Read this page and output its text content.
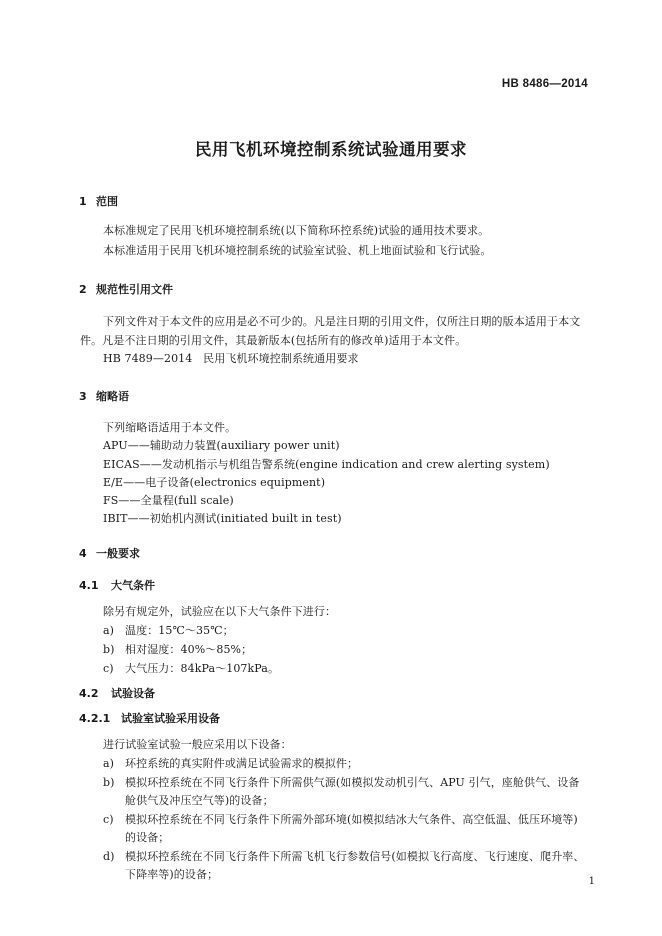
HB 8486—2014
民用飞机环境控制系统试验通用要求
1 范围
本标准规定了民用飞机环境控制系统(以下简称环控系统)试验的通用技术要求。
本标准适用于民用飞机环境控制系统的试验室试验、机上地面试验和飞行试验。
2 规范性引用文件
下列文件对于本文件的应用是必不可少的。凡是注日期的引用文件，仅所注日期的版本适用于本文
件。凡是不注日期的引用文件，其最新版本(包括所有的修改单)适用于本文件。
HB 7489—2014   民用飞机环境控制系统通用要求
3 缩略语
下列缩略语适用于本文件。
APU——辅助动力装置(auxiliary power unit)
EICAS——发动机指示与机组告警系统(engine indication and crew alerting system)
E/E——电子设备(electronics equipment)
FS——全量程(full scale)
IBIT——初始机内测试(initiated built in test)
4 一般要求
4.1 大气条件
除另有规定外，试验应在以下大气条件下进行：
a) 温度：15℃～35℃；
b) 相对湿度：40%～85%；
c) 大气压力：84kPa～107kPa。
4.2 试验设备
4.2.1 试验室试验采用设备
进行试验室试验一般应采用以下设备：
a) 环控系统的真实附件或满足试验需求的模拟件；
b) 模拟环控系统在不同飞行条件下所需供气源(如模拟发动机引气、APU 引气，座舱供气、设备
舱供气及冲压空气等)的设备；
c) 模拟环控系统在不同飞行条件下所需外部环境(如模拟结冰大气条件、高空低温、低压环境等)
的设备；
d) 模拟环控系统在不同飞行条件下所需飞机飞行参数信号(如模拟飞行高度、飞行速度、爬升率、
下降率等)的设备；
1
